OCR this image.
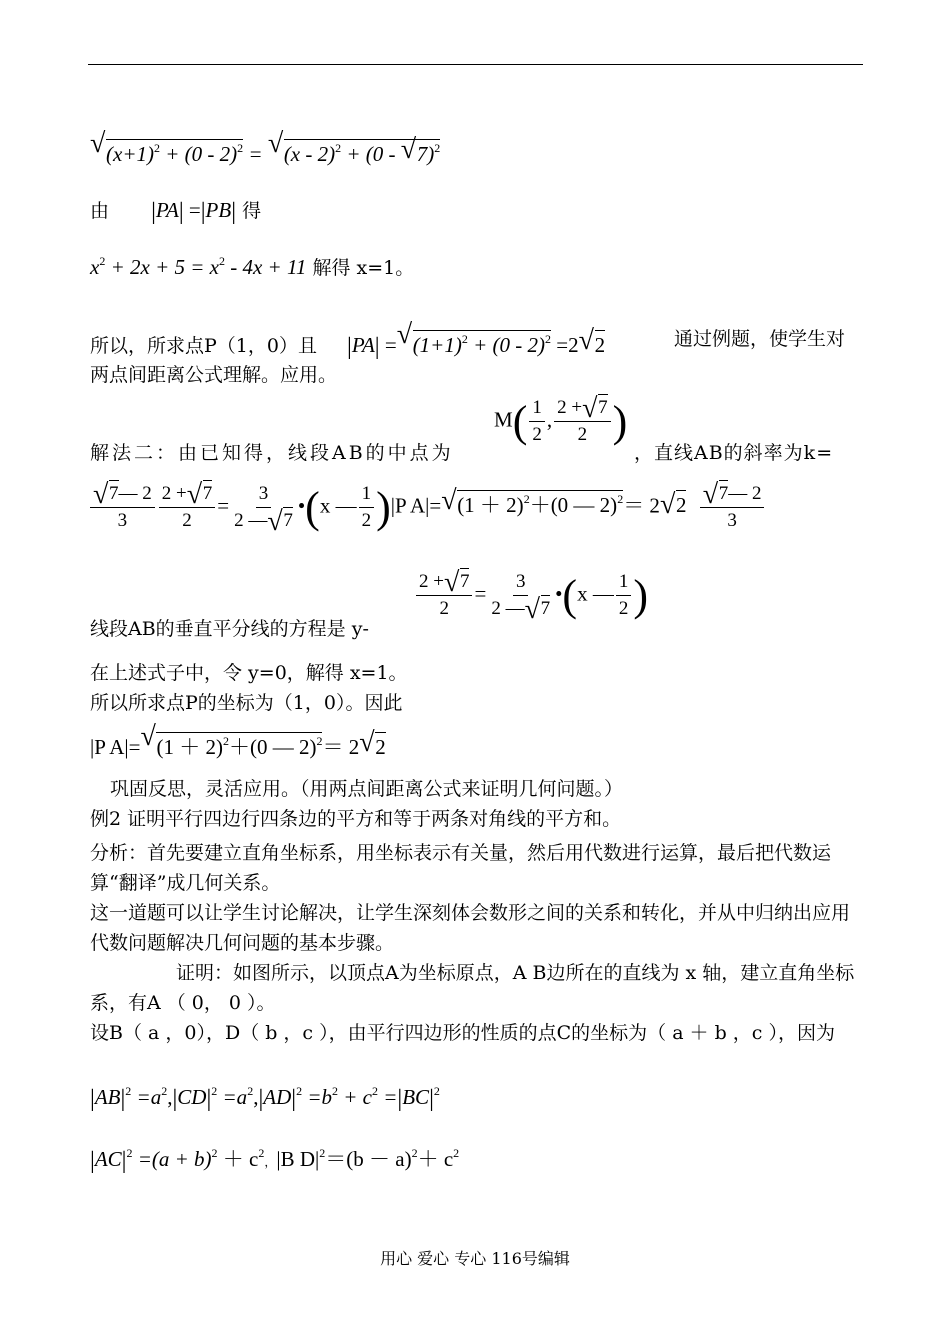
√ $(x+1)^2 + (0 - 2)^2$ = √ (x - 2)$^2$ + (0 - √ 7)$^2$
由 |PA| =|PB| 得
$x^2 + 2x + 5 = x^2 - 4x + 11$ 解得 x=1。
所以，所求点P（1，0）且 |PA| =√ $(1+1)^2 + (0 - 2)^2 =2√$ 2	通过例题，使学生对
两点间距离公式理解。应用。
解法二：由已知得，线段AB的中点为
$M( \frac{1}{2}$ , $\frac{2 +√ 7}{2}$ )
，直线AB的斜率为k=
√ $\frac{7— 2}{3} \frac{2 +√ 7}{2} = \frac{3}{2 —√ 7}$ •(x — $\frac{1}{2} )|P$ A|=√ $(1 + 2)^2+(0$ — 2)$^2$＝ 2√ 2
√ $\frac{7— 2}{3}$
线段AB的垂直平分线的方程是 y-
$\frac{2 +√ 7}{2} = \frac{3}{2 —√ 7}$ •(x — $\frac{1}{2}$ )
在上述式子中，令 y=0，解得 x=1。
所以所求点P的坐标为（1，0）。因此
|P A|=√ $(1 + 2)^2+(0$ — 2)$^2$＝ 2√ 2
巩固反思，灵活应用。（用两点间距离公式来证明几何问题。）
例2 证明平行四边行四条边的平方和等于两条对角线的平方和。
分析：首先要建立直角坐标系，用坐标表示有关量，然后用代数进行运算，最后把代数运算“翻译”成几何关系。
这一道题可以让学生讨论解决，让学生深刻体会数形之间的关系和转化，并从中归纳出应用代数问题解决几何问题的基本步骤。
证明：如图所示，以顶点A为坐标原点，A B边所在的直线为 x 轴，建立直角坐标系，有A （ 0， 0 ）。
设B（ a ，0），D（ b ，c ），由平行四边形的性质的点C的坐标为（ a ＋ b ，c ），因为
$|AB|^2 =a^2,|CD|^2 =a^2,|AD|^2 =b^2 + c^2 =|BC|^2$
$|AC|^2 =(a + b)^2 + c^2$，|B $D|^2=(b - a)^2+ c^2$
用心 爱心 专心 116号编辑
